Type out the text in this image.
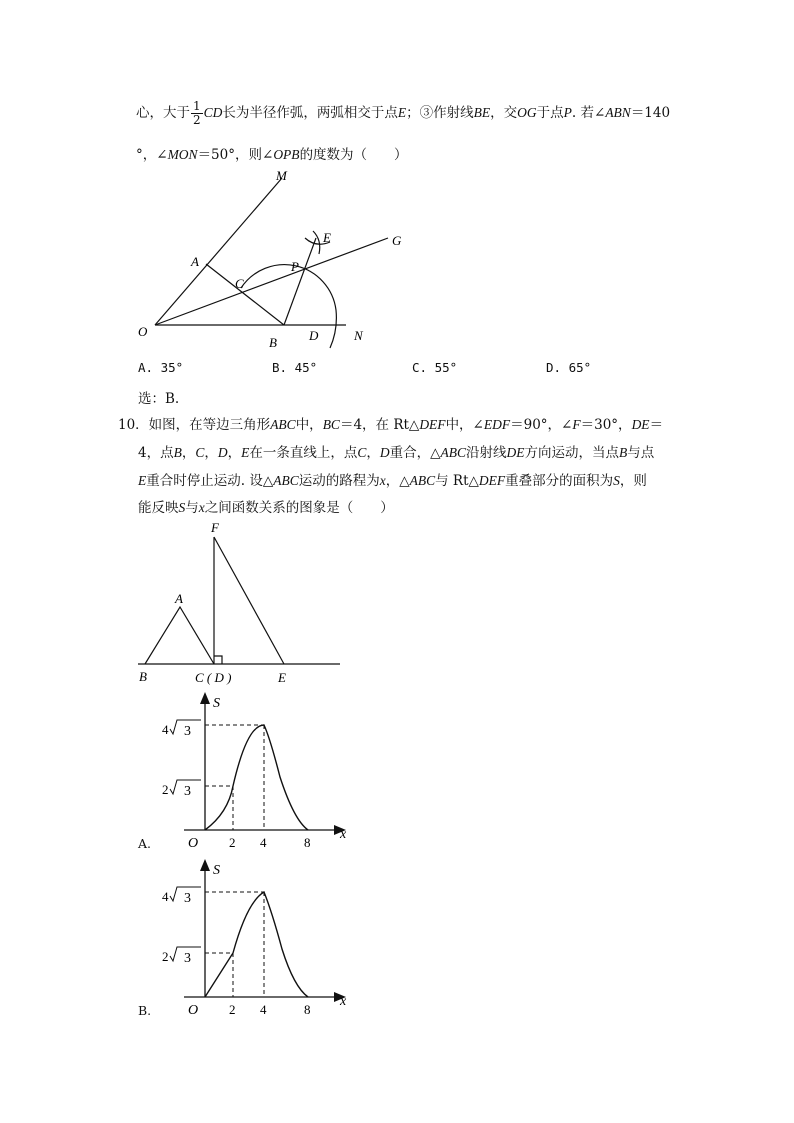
心，大于 $\frac{1}{2}$ CD长为半径作弧，两弧相交于点E；③作射线BE，交OG于点P. 若∠ABN＝140
°，∠MON＝50°，则∠OPB的度数为（　　）
M
E	G
A	P
C
O	D	N
B
A. 35°	B. 45°	C. 55°	D. 65°
选：B.
10．如图，在等边三角形ABC中，BC＝4，在 Rt△DEF中，∠EDF＝90°，∠F＝30°，DE＝
4，点B，C，D，E在一条直线上，点C，D重合，△ABC沿射线DE方向运动，当点B与点
E重合时停止运动. 设△ABC运动的路程为x，△ABC与 Rt△DEF重叠部分的面积为S，则
能反映S与x之间函数关系的图象是（　　）
F
A
B	C ( D )	E
S
x
O
4 3
2 3
2 4	8
A.
S
x
O
4 3
2 3
2 4	8
B.
